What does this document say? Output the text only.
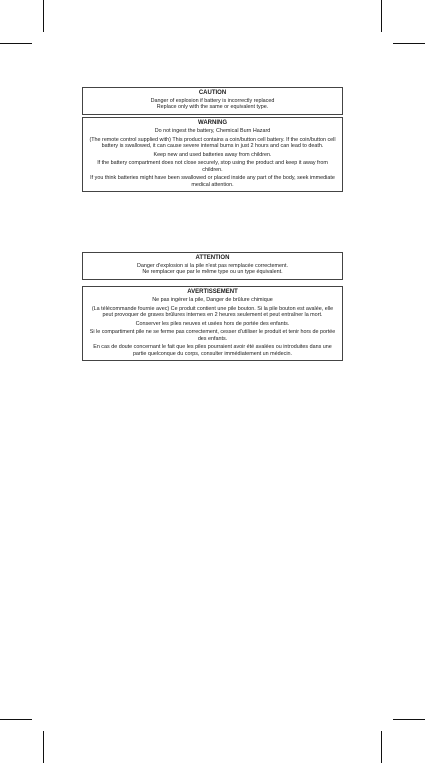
CAUTION
Danger of explosion if battery is incorrectly replaced
Replace only with the same or equivalent type.
WARNING

Do not ingest the battery, Chemical Burn Hazard

(The remote control supplied with) This product contains a coin/button cell battery. If the coin/button cell battery is swallowed, it can cause severe internal burns in just 2 hours and can lead to death.

Keep new and used batteries away from children.

If the battery compartment does not close securely, stop using the product and keep it away from children.

If you think batteries might have been swallowed or placed inside any part of the body, seek immediate medical attention.

ATTENTION
Danger d'explosion si la pile n'est pas remplacée correctement.
Ne remplacer que par le même type ou un type équivalent.
AVERTISSEMENT

Ne pas ingérer la pile, Danger de brûlure chimique

(La télécommande fournie avec) Ce produit contient une pile bouton. Si la pile bouton est avalée, elle peut provoquer de graves brûlures internes en 2 heures seulement et peut entraîner la mort.

Conserver les piles neuves et usées hors de portée des enfants.

Si le compartiment pile ne se ferme pas correctement, cesser d'utiliser le produit et tenir hors de portée des enfants.

En cas de doute concernant le fait que les piles pourraient avoir été avalées ou introduites dans une partie quelconque du corps, consulter immédiatement un médecin.
